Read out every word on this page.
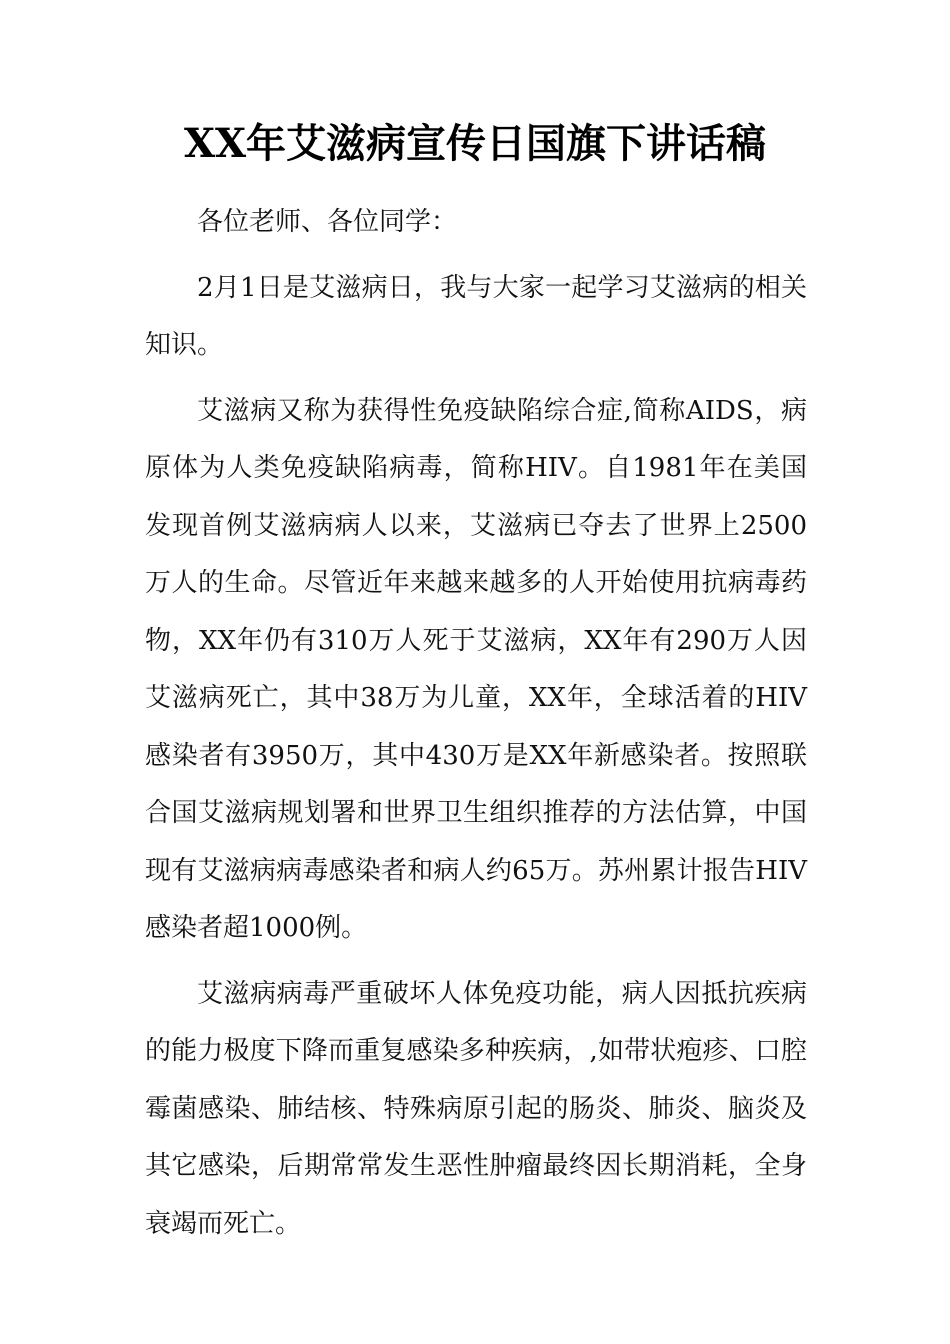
XX年艾滋病宣传日国旗下讲话稿

各位老师、各位同学：

2月1日是艾滋病日，我与大家一起学习艾滋病的相关知识。

艾滋病又称为获得性免疫缺陷综合症,简称AIDS，病原体为人类免疫缺陷病毒，简称HIV。自1981年在美国发现首例艾滋病病人以来，艾滋病已夺去了世界上2500万人的生命。尽管近年来越来越多的人开始使用抗病毒药物，XX年仍有310万人死于艾滋病，XX年有290万人因艾滋病死亡，其中38万为儿童，XX年，全球活着的HIV感染者有3950万，其中430万是XX年新感染者。按照联合国艾滋病规划署和世界卫生组织推荐的方法估算，中国现有艾滋病病毒感染者和病人约65万。苏州累计报告HIV感染者超1000例。

艾滋病病毒严重破坏人体免疫功能，病人因抵抗疾病的能力极度下降而重复感染多种疾病，,如带状疱疹、口腔霉菌感染、肺结核、特殊病原引起的肠炎、肺炎、脑炎及其它感染，后期常常发生恶性肿瘤最终因长期消耗，全身衰竭而死亡。
